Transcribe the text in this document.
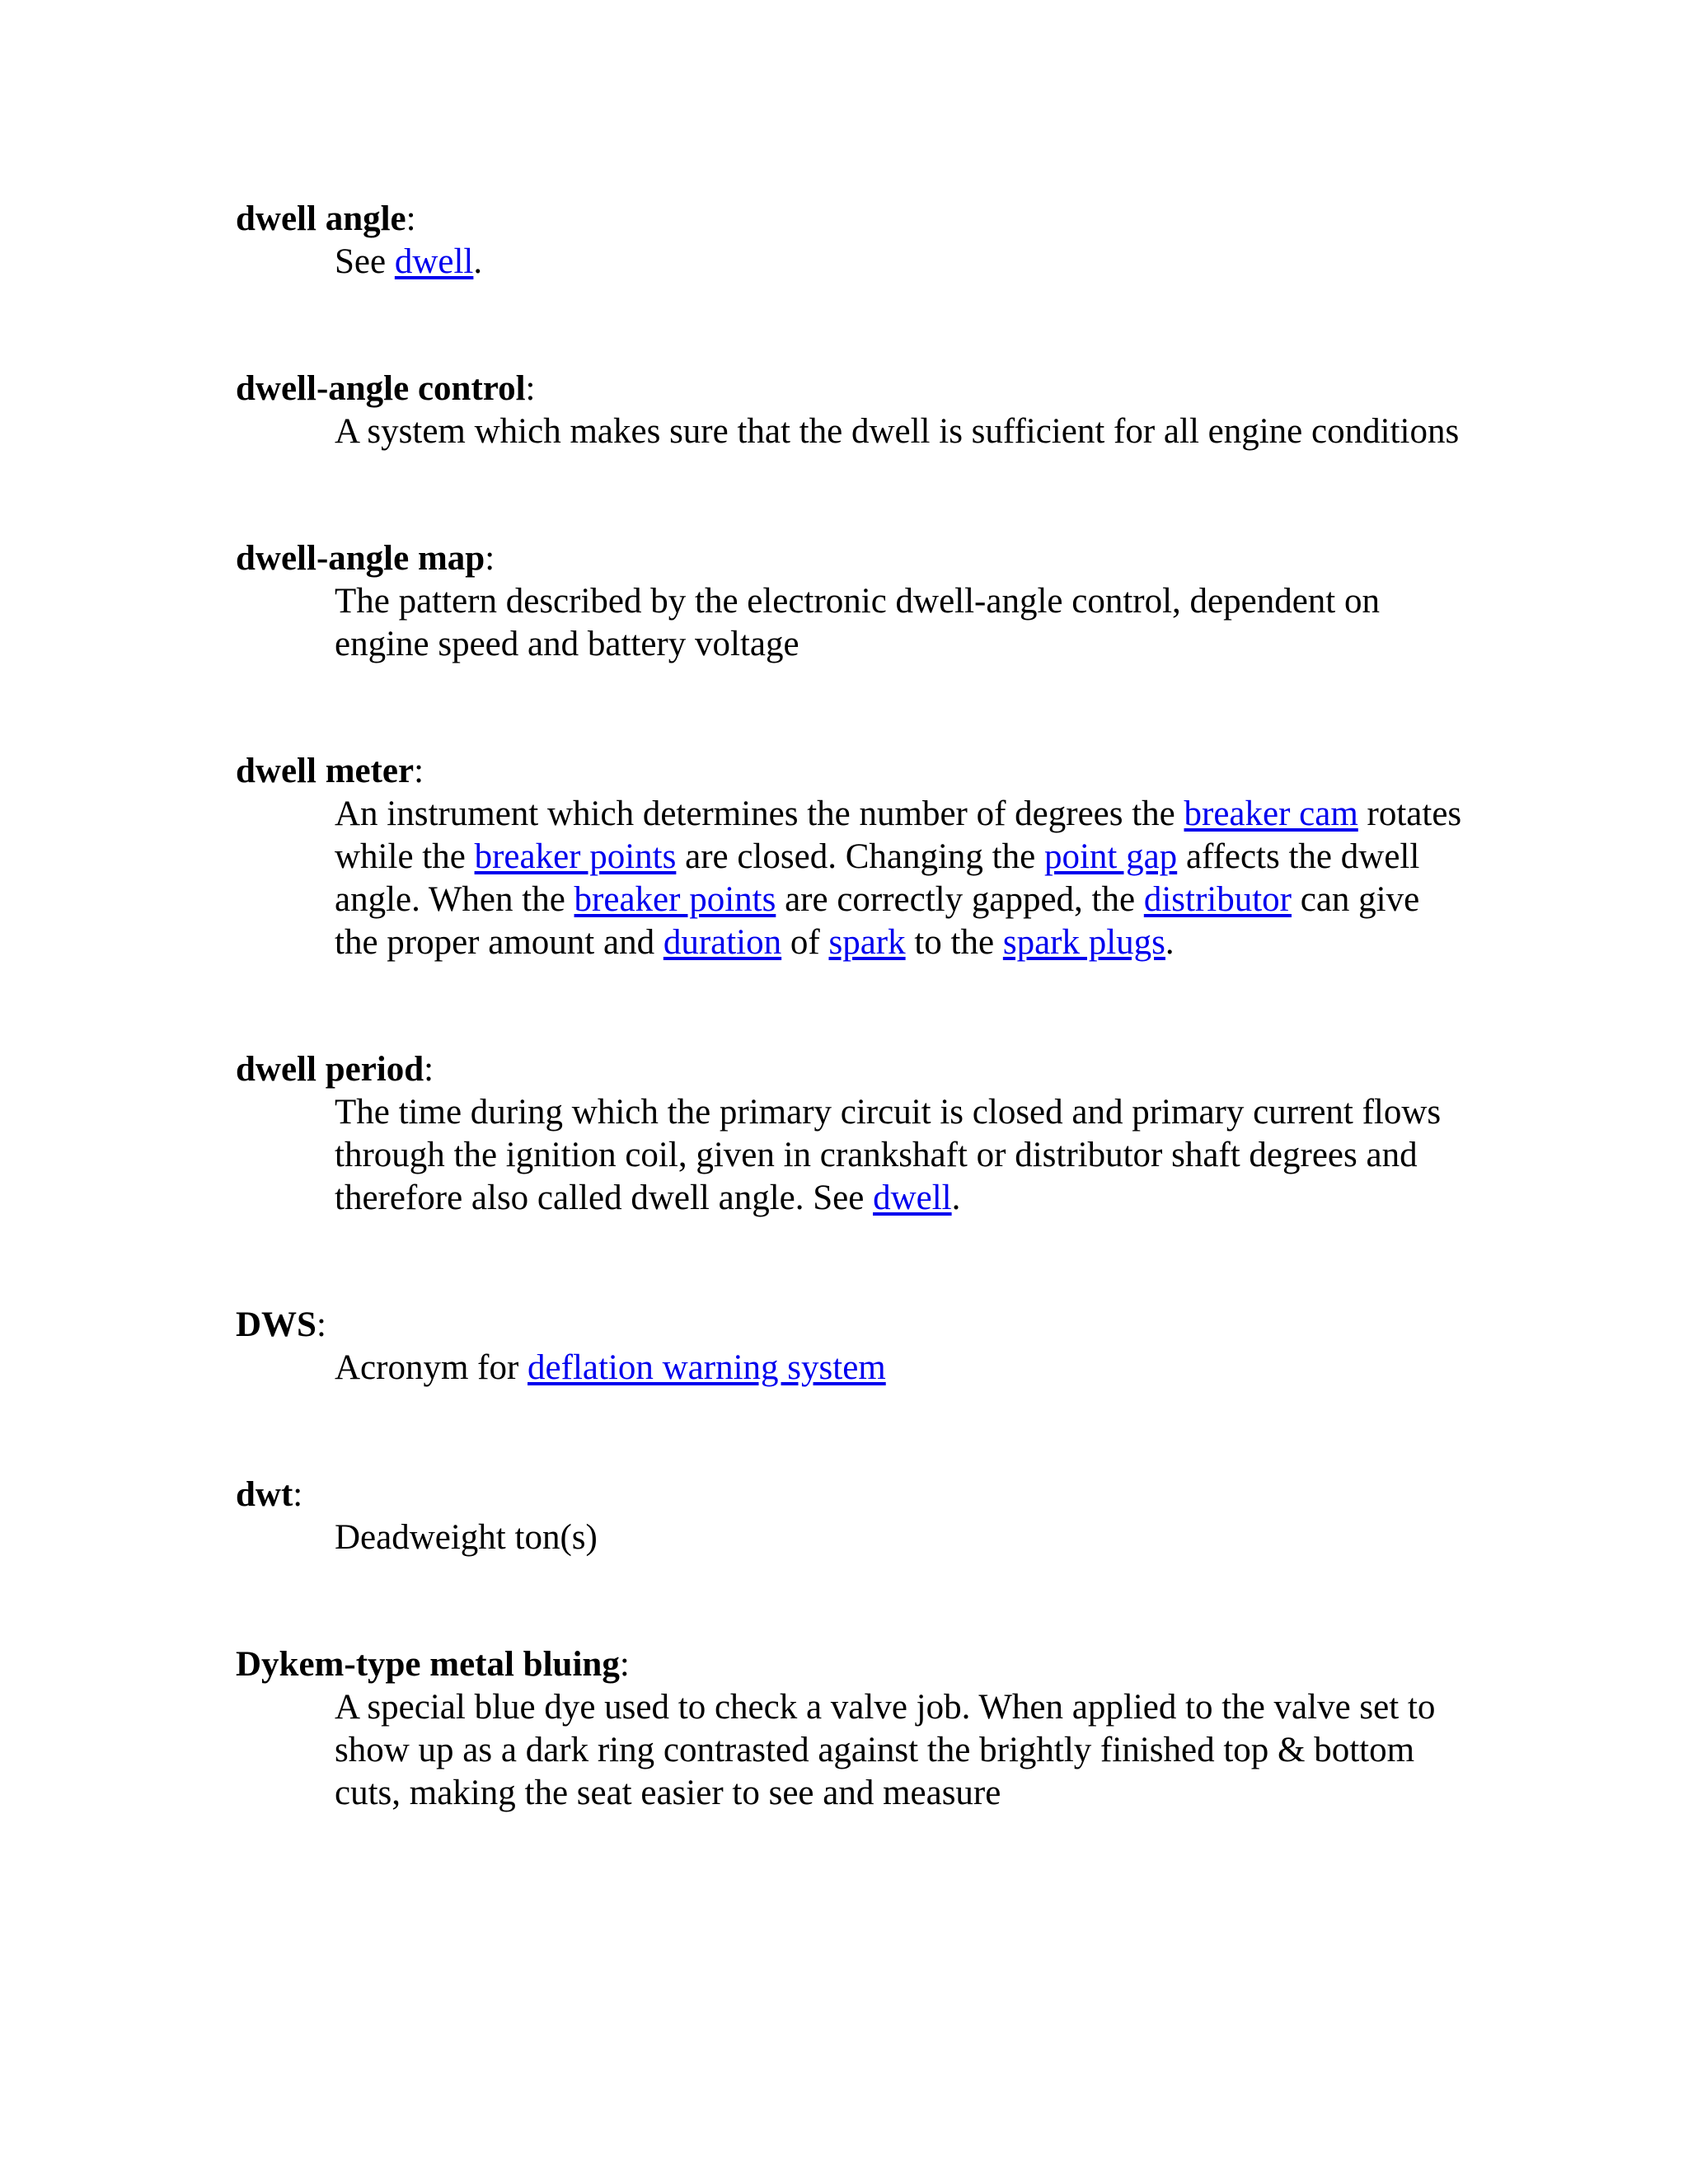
dwell angle:

See dwell.

dwell-angle control:

A system which makes sure that the dwell is sufficient for all engine conditions

dwell-angle map:

The pattern described by the electronic dwell-angle control, dependent on engine speed and battery voltage

dwell meter:

An instrument which determines the number of degrees the breaker cam rotates while the breaker points are closed. Changing the point gap affects the dwell angle. When the breaker points are correctly gapped, the distributor can give the proper amount and duration of spark to the spark plugs.

dwell period:

The time during which the primary circuit is closed and primary current flows through the ignition coil, given in crankshaft or distributor shaft degrees and therefore also called dwell angle. See dwell.

DWS:

Acronym for deflation warning system

dwt:

Deadweight ton(s)

Dykem-type metal bluing:

A special blue dye used to check a valve job. When applied to the valve set to show up as a dark ring contrasted against the brightly finished top & bottom cuts, making the seat easier to see and measure
